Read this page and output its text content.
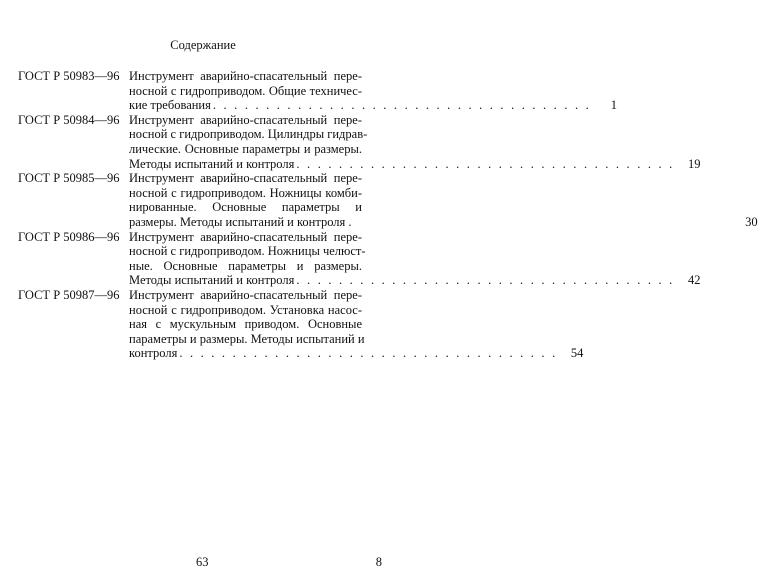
Содержание
ГОСТ Р 50983—96 Инструмент аварийно-спасательный пере-
носной с гидроприводом. Общие техничес-
кие требования . . . . . . . . . . . . . . . . . . . . . . . . . . . . . . . . . . . .	1
ГОСТ Р 50984—96 Инструмент аварийно-спасательный пере-
носной с гидроприводом. Цилиндры гидрав-
лические. Основные параметры и размеры.
Методы испытаний и контроля . . . . . . . . . . . . . . . . . . . . . . . . . . . . . . . . . . . .	19
ГОСТ Р 50985—96 Инструмент аварийно-спасательный пере-
носной с гидроприводом. Ножницы комби-
нированные. Основные параметры и
размеры. Методы испытаний и контроля .	30
ГОСТ Р 50986—96 Инструмент аварийно-спасательный пере-
носной с гидроприводом. Ножницы челюст-
ные. Основные параметры и размеры.
Методы испытаний и контроля . . . . . . . . . . . . . . . . . . . . . . . . . . . . . . . . . . . .	42
ГОСТ Р 50987—96 Инструмент аварийно-спасательный пере-
носной с гидроприводом. Установка насос-
ная с мускульным приводом. Основные
параметры и размеры. Методы испытаний и
контроля . . . . . . . . . . . . . . . . . . . . . . . . . . . . . . . . . . . .	54
63	8
